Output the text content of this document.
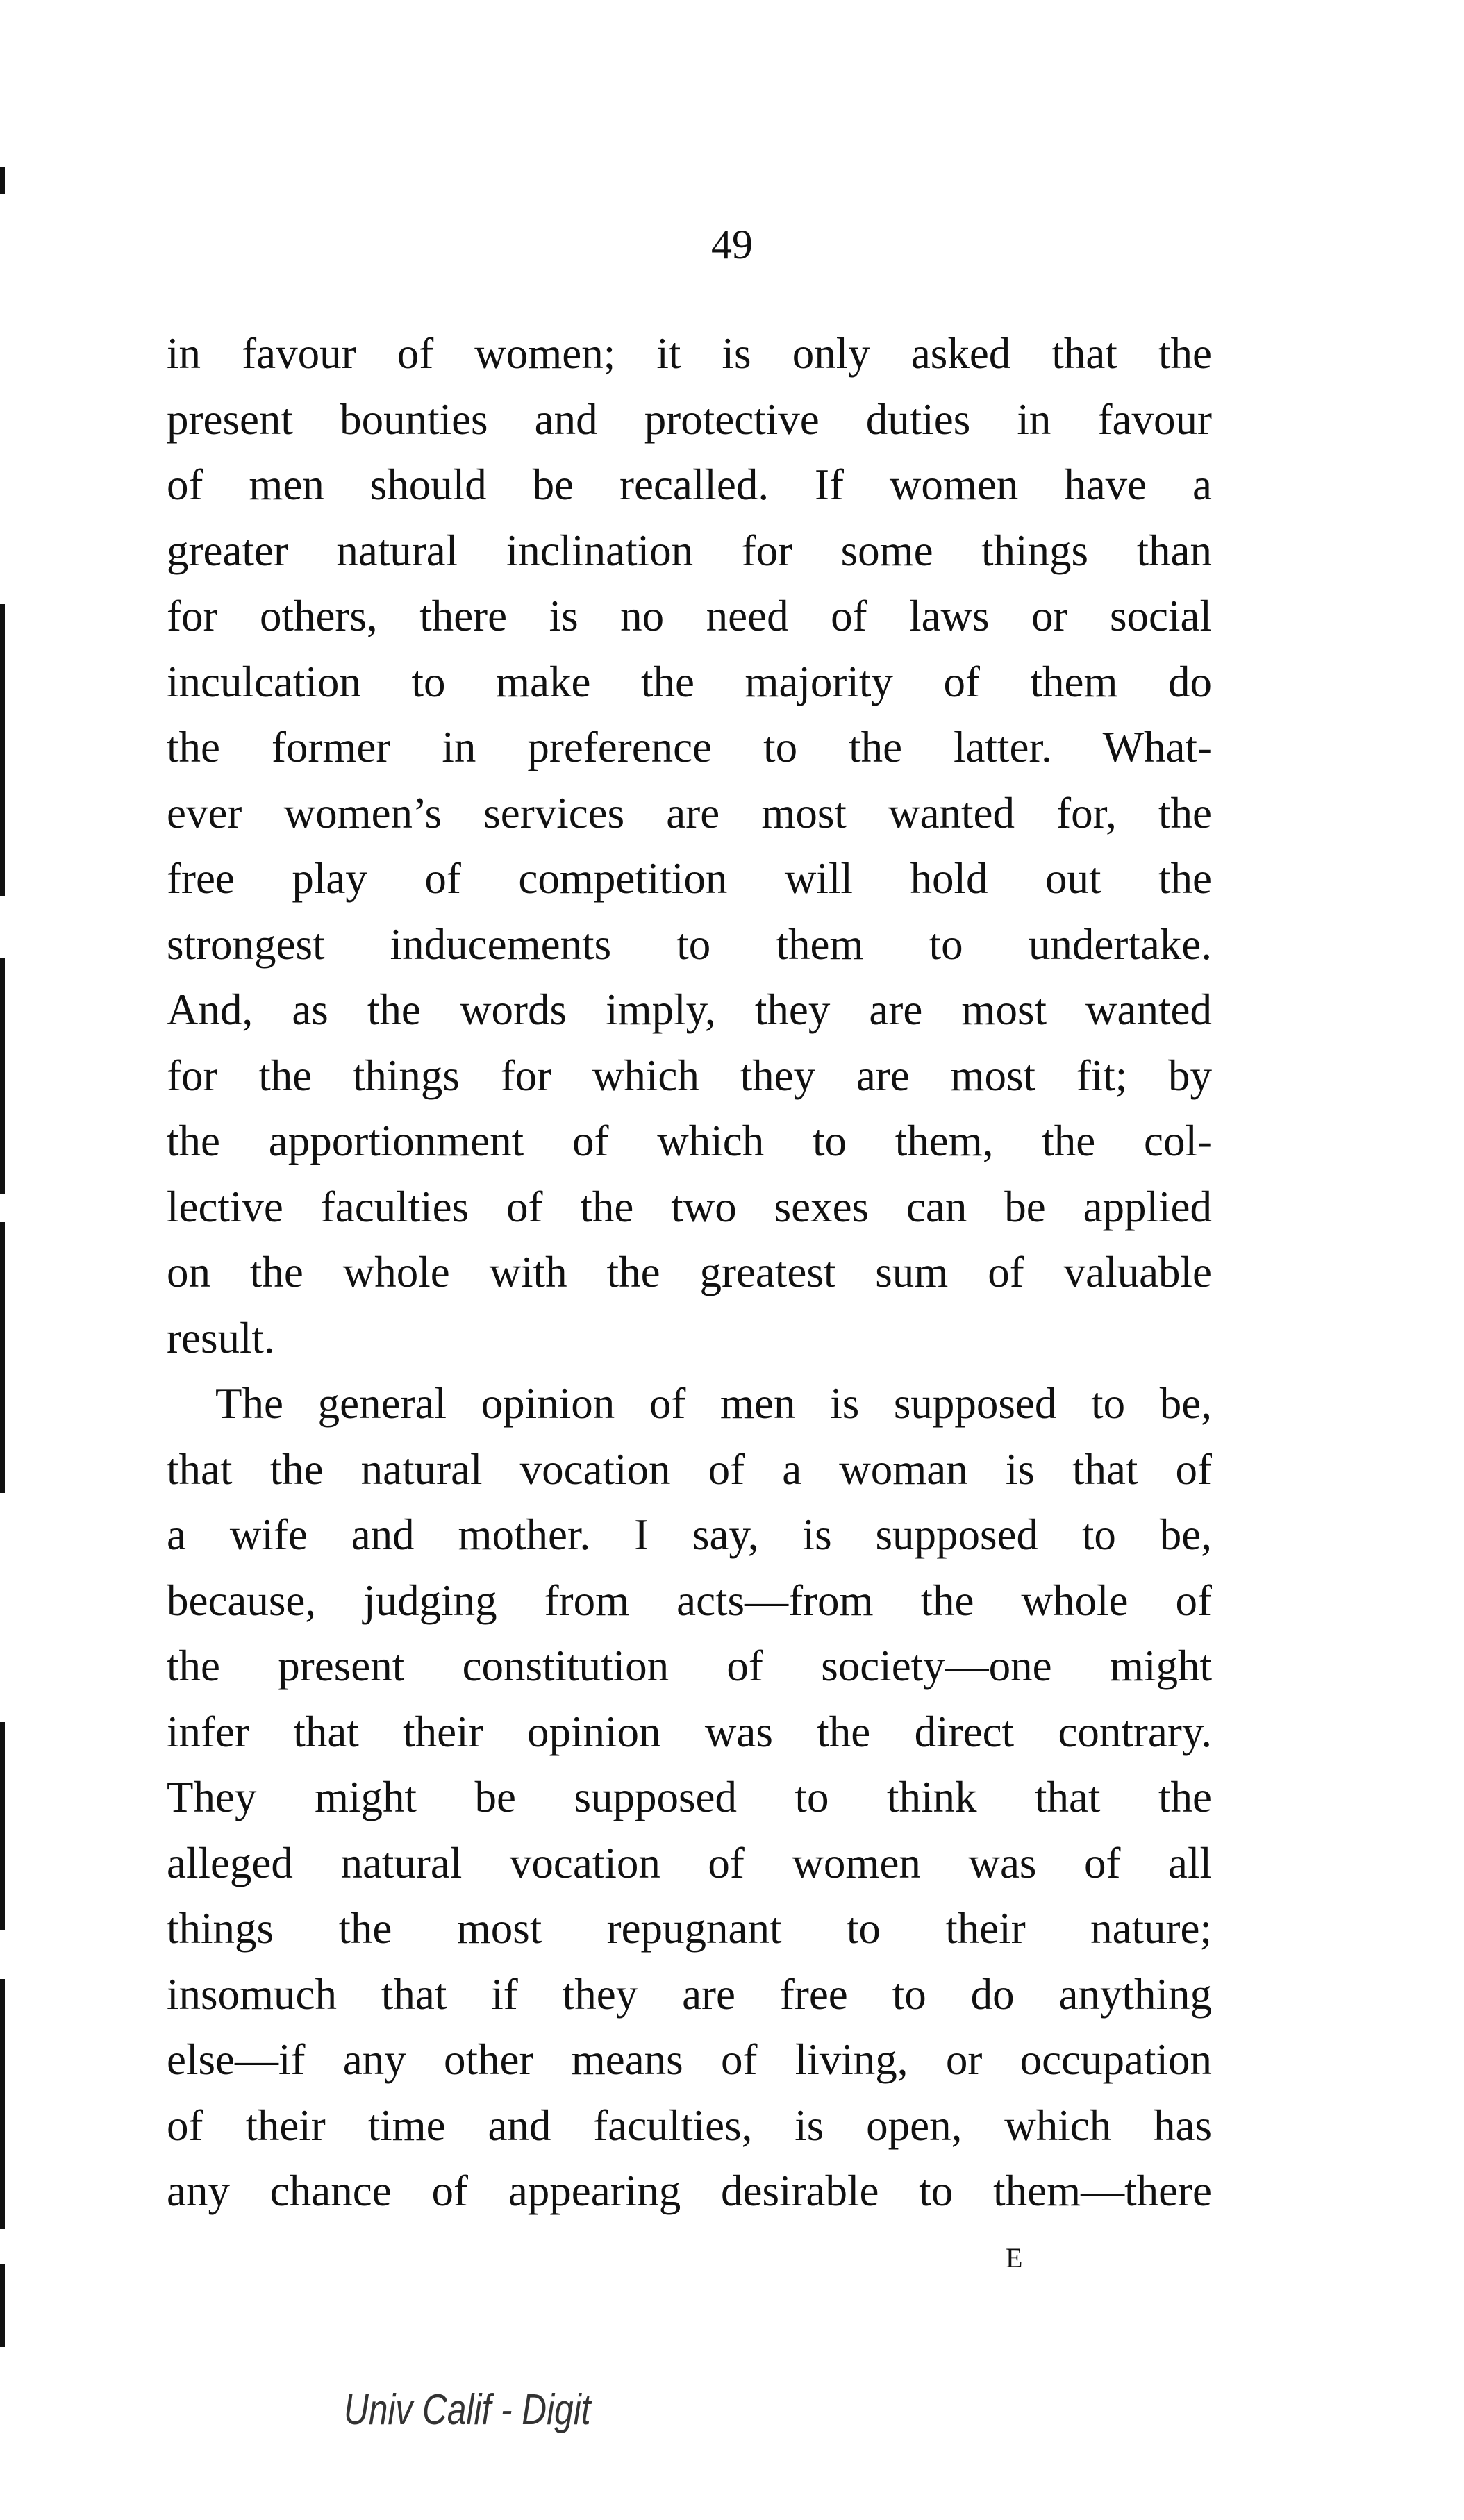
49
in favour of women; it is only asked that the
present bounties and protective duties in favour
of men should be recalled. If women have a
greater natural inclination for some things than
for others, there is no need of laws or social
inculcation to make the majority of them do
the former in preference to the latter. What-
ever women’s services are most wanted for, the
free play of competition will hold out the
strongest inducements to them to undertake.
And, as the words imply, they are most wanted
for the things for which they are most fit; by
the apportionment of which to them, the col-
lective faculties of the two sexes can be applied
on the whole with the greatest sum of valuable
result.
The general opinion of men is supposed to be,
that the natural vocation of a woman is that of
a wife and mother. I say, is supposed to be,
because, judging from acts—from the whole of
the present constitution of society—one might
infer that their opinion was the direct contrary.
They might be supposed to think that the
alleged natural vocation of women was of all
things the most repugnant to their nature;
insomuch that if they are free to do anything
else—if any other means of living, or occupation
of their time and faculties, is open, which has
any chance of appearing desirable to them—there
E
Univ Calif - Digit
